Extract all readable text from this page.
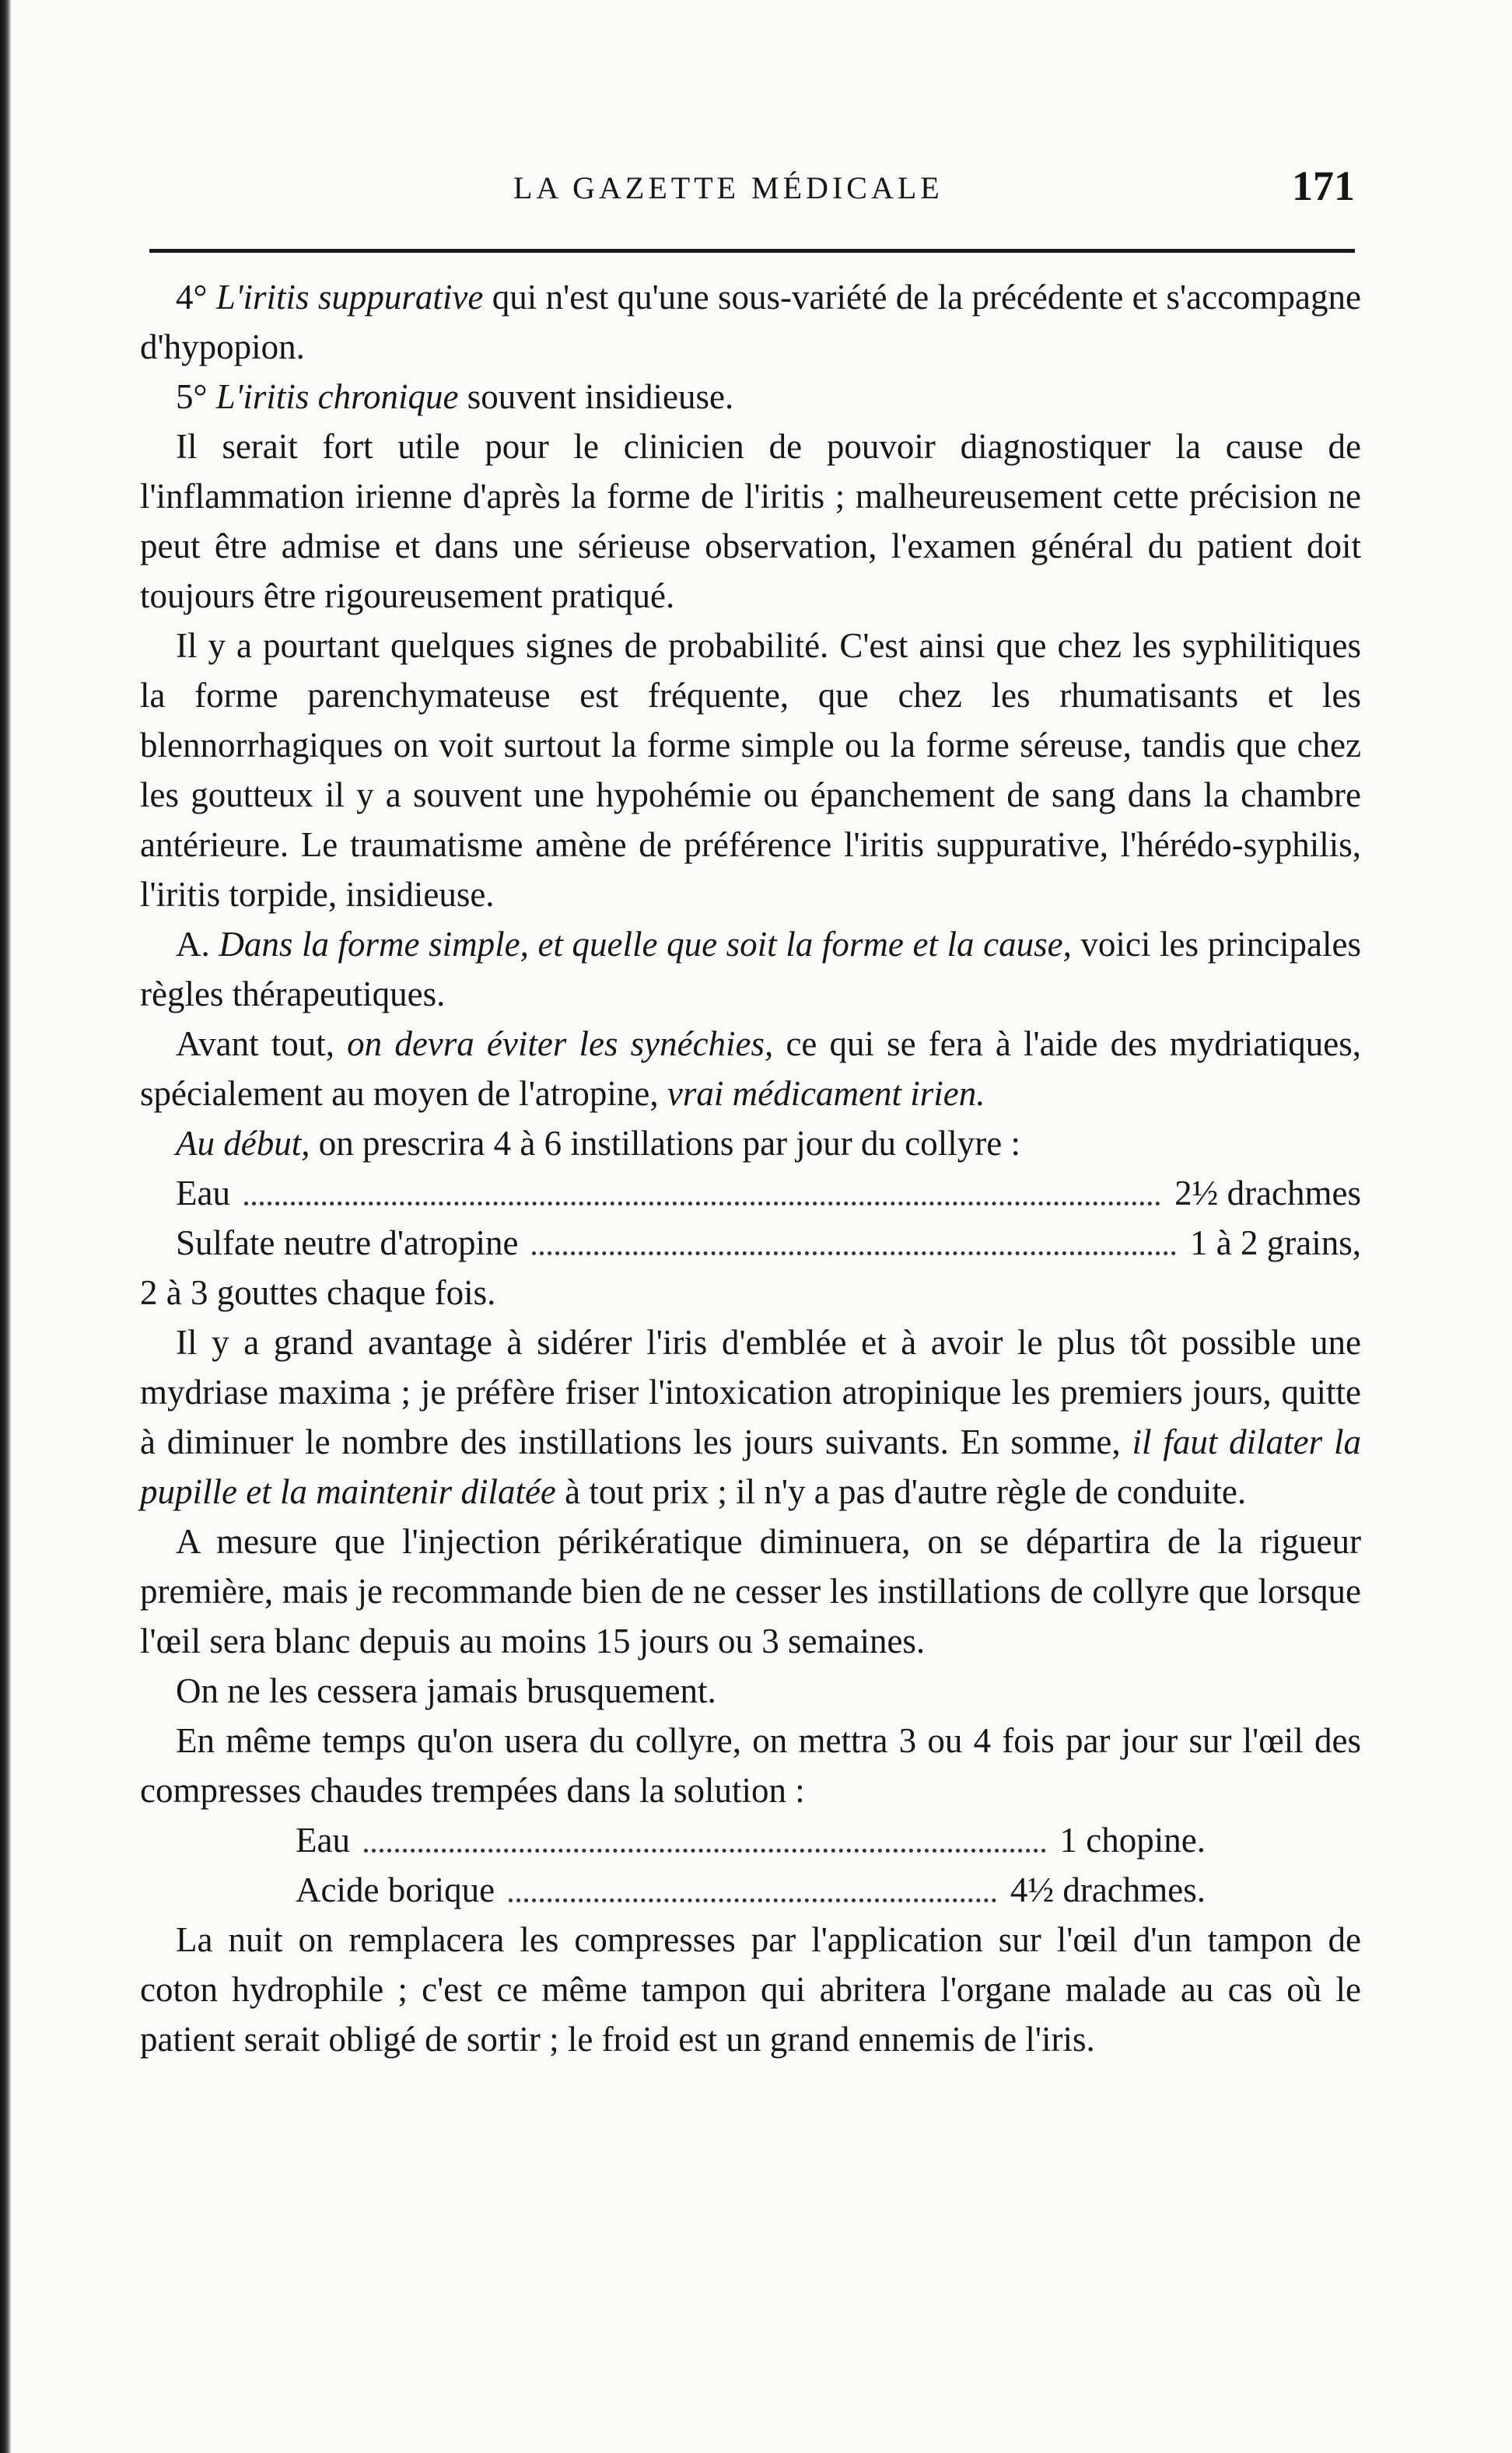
LA GAZETTE MÉDICALE	171

4° L'iritis suppurative qui n'est qu'une sous-variété de la précédente et s'accompagne d'hypopion.

5° L'iritis chronique souvent insidieuse.

Il serait fort utile pour le clinicien de pouvoir diagnostiquer la cause de l'inflammation irienne d'après la forme de l'iritis ; malheureusement cette précision ne peut être admise et dans une sérieuse observation, l'examen général du patient doit toujours être rigoureusement pratiqué.

Il y a pourtant quelques signes de probabilité. C'est ainsi que chez les syphilitiques la forme parenchymateuse est fréquente, que chez les rhumatisants et les blennorrhagiques on voit surtout la forme simple ou la forme séreuse, tandis que chez les goutteux il y a souvent une hypohémie ou épanchement de sang dans la chambre antérieure. Le traumatisme amène de préférence l'iritis suppurative, l'hérédo-syphilis, l'iritis torpide, insidieuse.

A. Dans la forme simple, et quelle que soit la forme et la cause, voici les principales règles thérapeutiques.

Avant tout, on devra éviter les synéchies, ce qui se fera à l'aide des mydriatiques, spécialement au moyen de l'atropine, vrai médicament irien.

Au début, on prescrira 4 à 6 instillations par jour du collyre :

Eau	2½ drachmes
Sulfate neutre d'atropine	1 à 2 grains,

2 à 3 gouttes chaque fois.

Il y a grand avantage à sidérer l'iris d'emblée et à avoir le plus tôt possible une mydriase maxima ; je préfère friser l'intoxication atropinique les premiers jours, quitte à diminuer le nombre des instillations les jours suivants. En somme, il faut dilater la pupille et la maintenir dilatée à tout prix ; il n'y a pas d'autre règle de conduite.

A mesure que l'injection périkératique diminuera, on se départira de la rigueur première, mais je recommande bien de ne cesser les instillations de collyre que lorsque l'œil sera blanc depuis au moins 15 jours ou 3 semaines.

On ne les cessera jamais brusquement.

En même temps qu'on usera du collyre, on mettra 3 ou 4 fois par jour sur l'œil des compresses chaudes trempées dans la solution :

Eau	1 chopine.
Acide borique	4½ drachmes.

La nuit on remplacera les compresses par l'application sur l'œil d'un tampon de coton hydrophile ; c'est ce même tampon qui abritera l'organe malade au cas où le patient serait obligé de sortir ; le froid est un grand ennemis de l'iris.
